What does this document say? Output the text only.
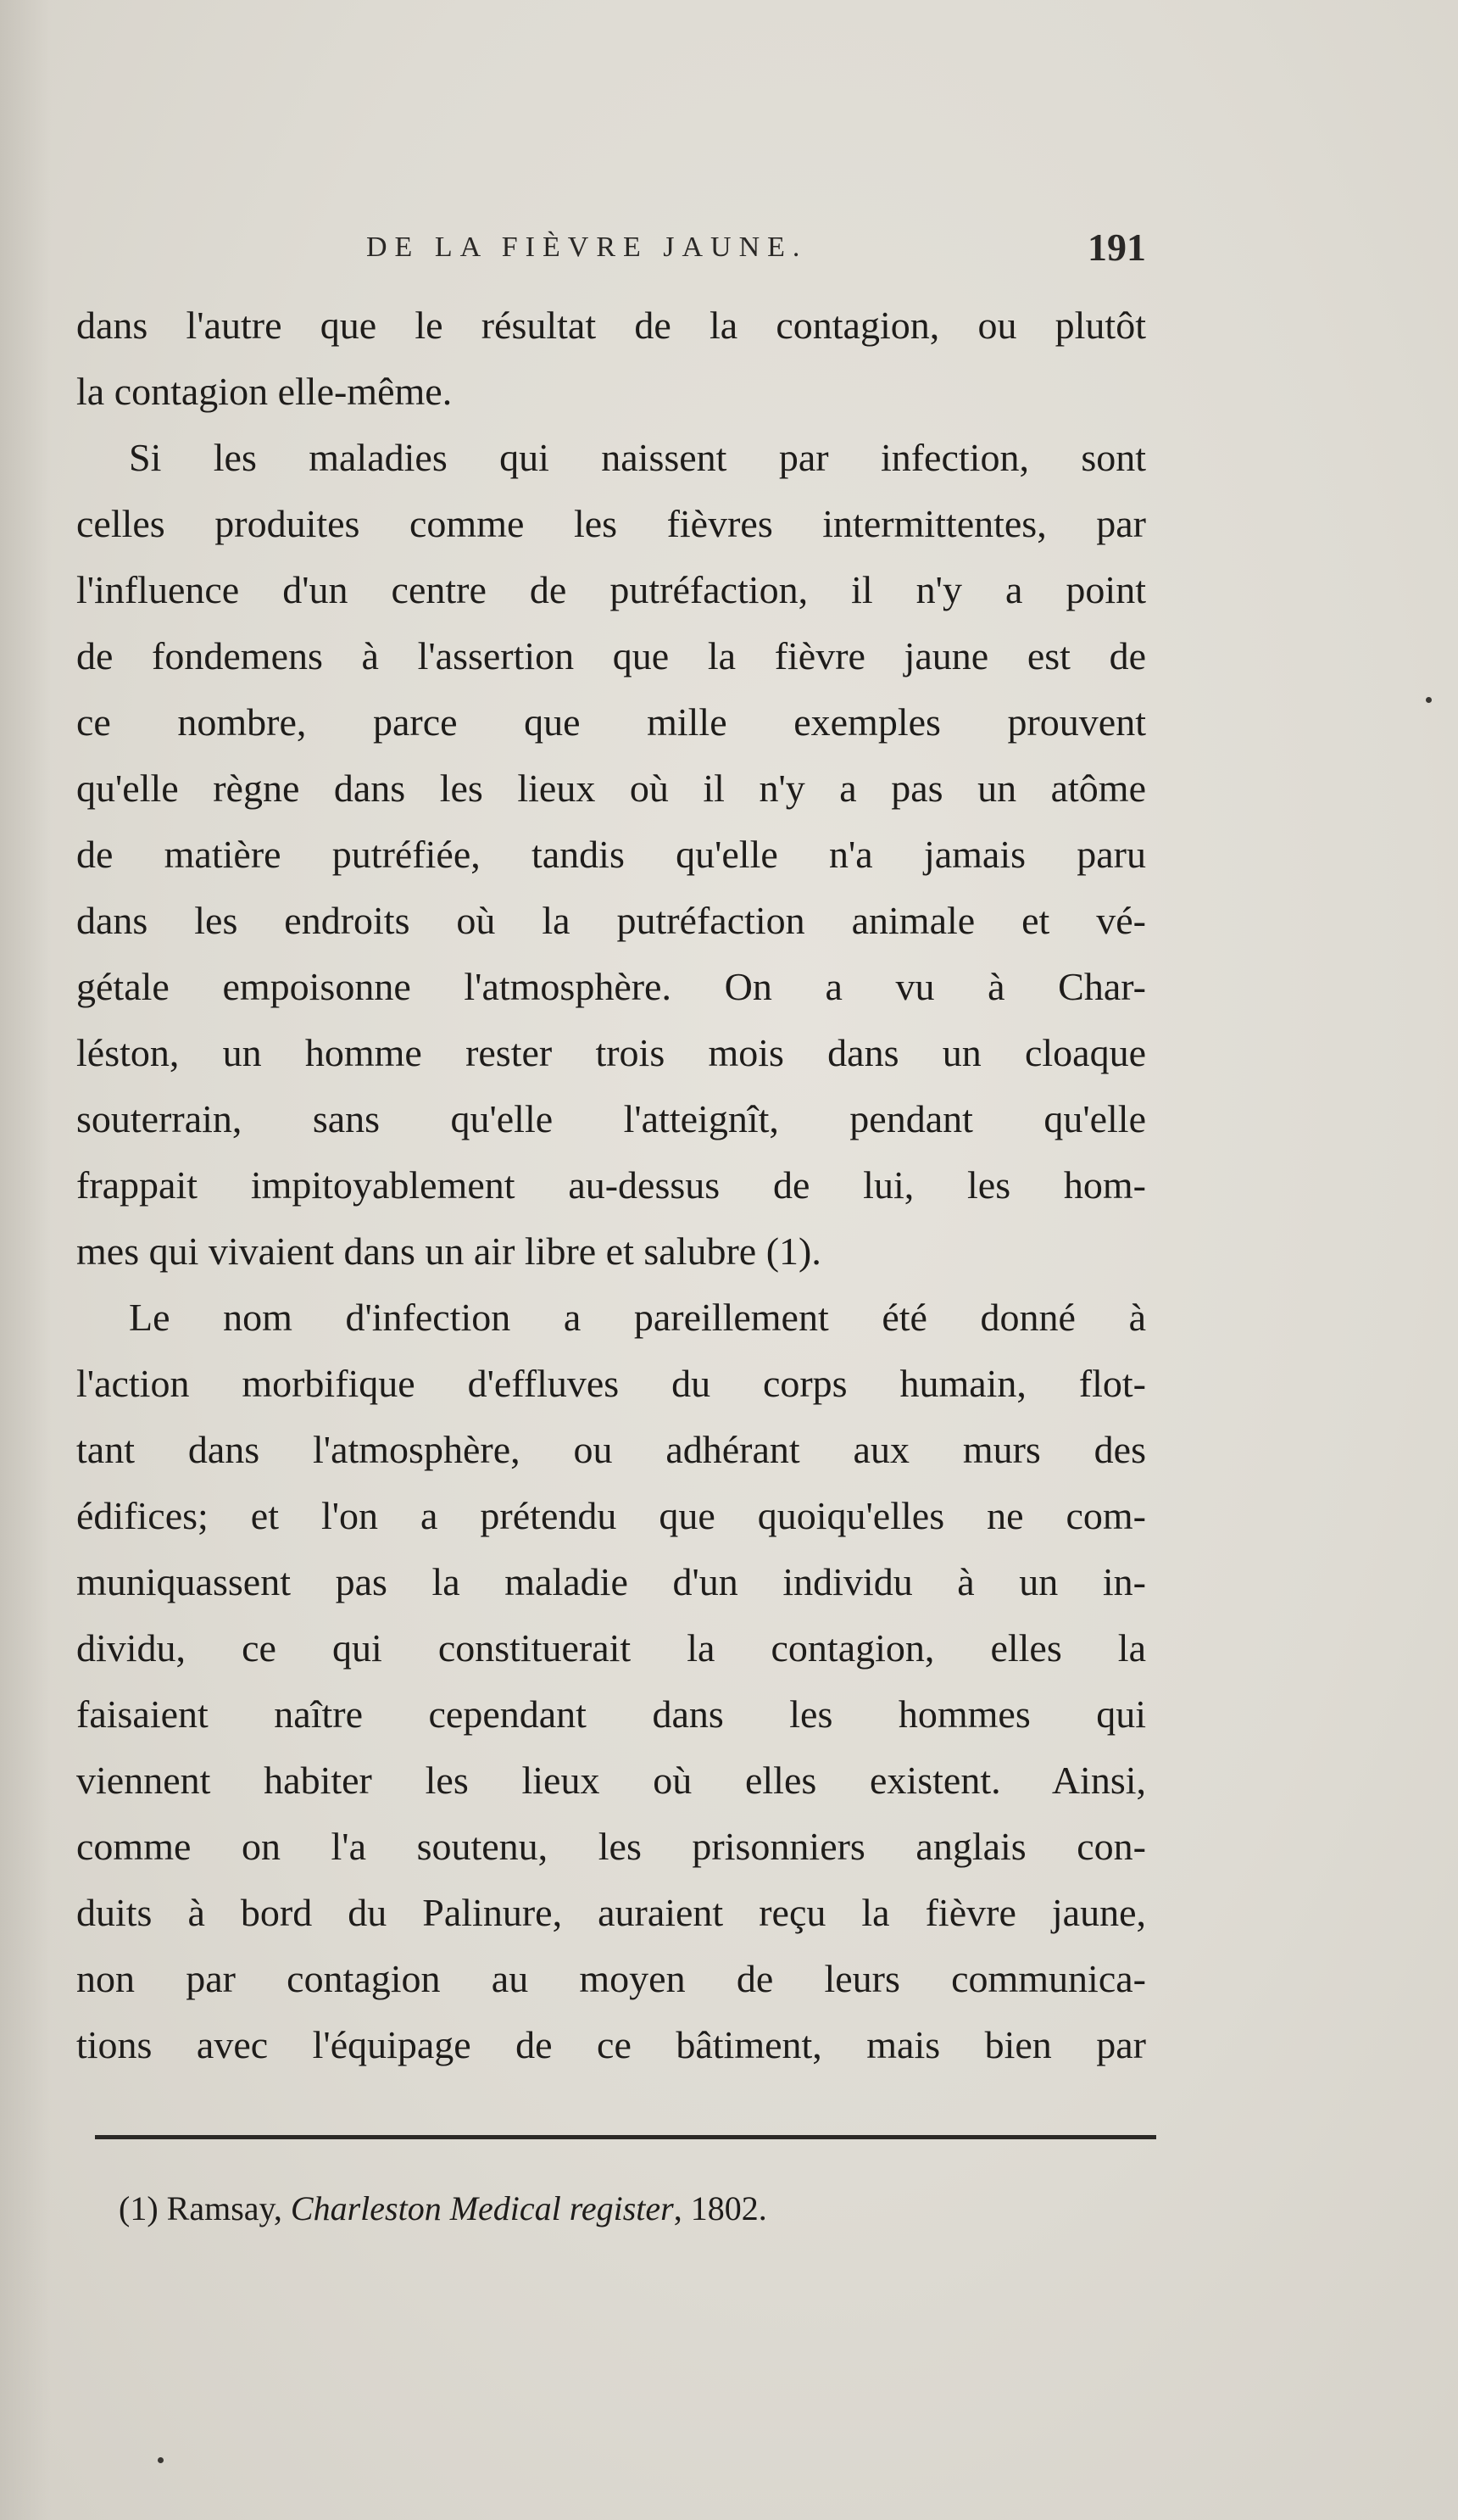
DE LA FIÈVRE JAUNE.	191
dans l'autre que le résultat de la contagion, ou plutôt
la contagion elle-même.
Si les maladies qui naissent par infection, sont
celles produites comme les fièvres intermittentes, par
l'influence d'un centre de putréfaction, il n'y a point
de fondemens à l'assertion que la fièvre jaune est de
ce nombre, parce que mille exemples prouvent
qu'elle règne dans les lieux où il n'y a pas un atôme
de matière putréfiée, tandis qu'elle n'a jamais paru
dans les endroits où la putréfaction animale et vé-
gétale empoisonne l'atmosphère. On a vu à Char-
léston, un homme rester trois mois dans un cloaque
souterrain, sans qu'elle l'atteignît, pendant qu'elle
frappait impitoyablement au-dessus de lui, les hom-
mes qui vivaient dans un air libre et salubre (1).
Le nom d'infection a pareillement été donné à
l'action morbifique d'effluves du corps humain, flot-
tant dans l'atmosphère, ou adhérant aux murs des
édifices; et l'on a prétendu que quoiqu'elles ne com-
muniquassent pas la maladie d'un individu à un in-
dividu, ce qui constituerait la contagion, elles la
faisaient naître cependant dans les hommes qui
viennent habiter les lieux où elles existent. Ainsi,
comme on l'a soutenu, les prisonniers anglais con-
duits à bord du Palinure, auraient reçu la fièvre jaune,
non par contagion au moyen de leurs communica-
tions avec l'équipage de ce bâtiment, mais bien par
(1) Ramsay, Charleston Medical register, 1802.
